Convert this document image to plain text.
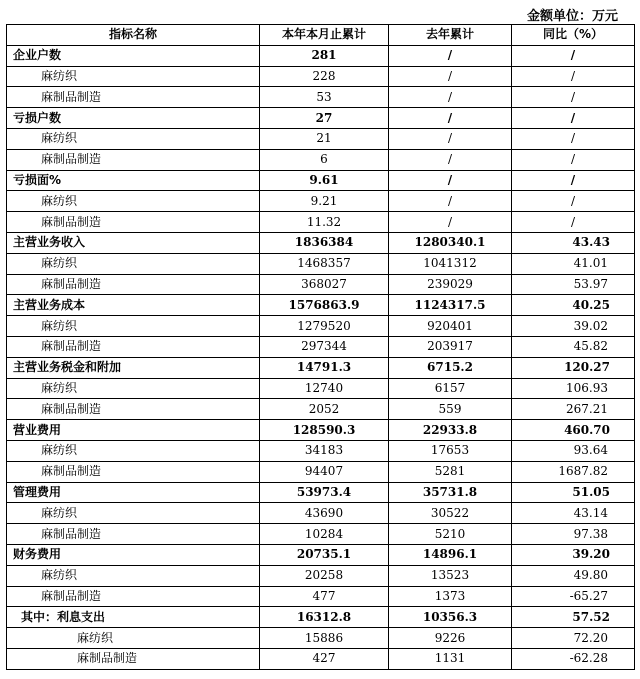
金额单位：万元
指标名称	本年本月止累计	去年累计	同比（%）
企业户数	281	/	/
麻纺织	228	/	/
麻制品制造	53	/	/
亏损户数	27	/	/
麻纺织	21	/	/
麻制品制造	6	/	/
亏损面%	9.61	/	/
麻纺织	9.21	/	/
麻制品制造	11.32	/	/
主营业务收入	1836384	1280340.1	43.43
麻纺织	1468357	1041312	41.01
麻制品制造	368027	239029	53.97
主营业务成本	1576863.9	1124317.5	40.25
麻纺织	1279520	920401	39.02
麻制品制造	297344	203917	45.82
主营业务税金和附加	14791.3	6715.2	120.27
麻纺织	12740	6157	106.93
麻制品制造	2052	559	267.21
营业费用	128590.3	22933.8	460.70
麻纺织	34183	17653	93.64
麻制品制造	94407	5281	1687.82
管理费用	53973.4	35731.8	51.05
麻纺织	43690	30522	43.14
麻制品制造	10284	5210	97.38
财务费用	20735.1	14896.1	39.20
麻纺织	20258	13523	49.80
麻制品制造	477	1373	-65.27
其中：利息支出	16312.8	10356.3	57.52
麻纺织	15886	9226	72.20
麻制品制造	427	1131	-62.28
